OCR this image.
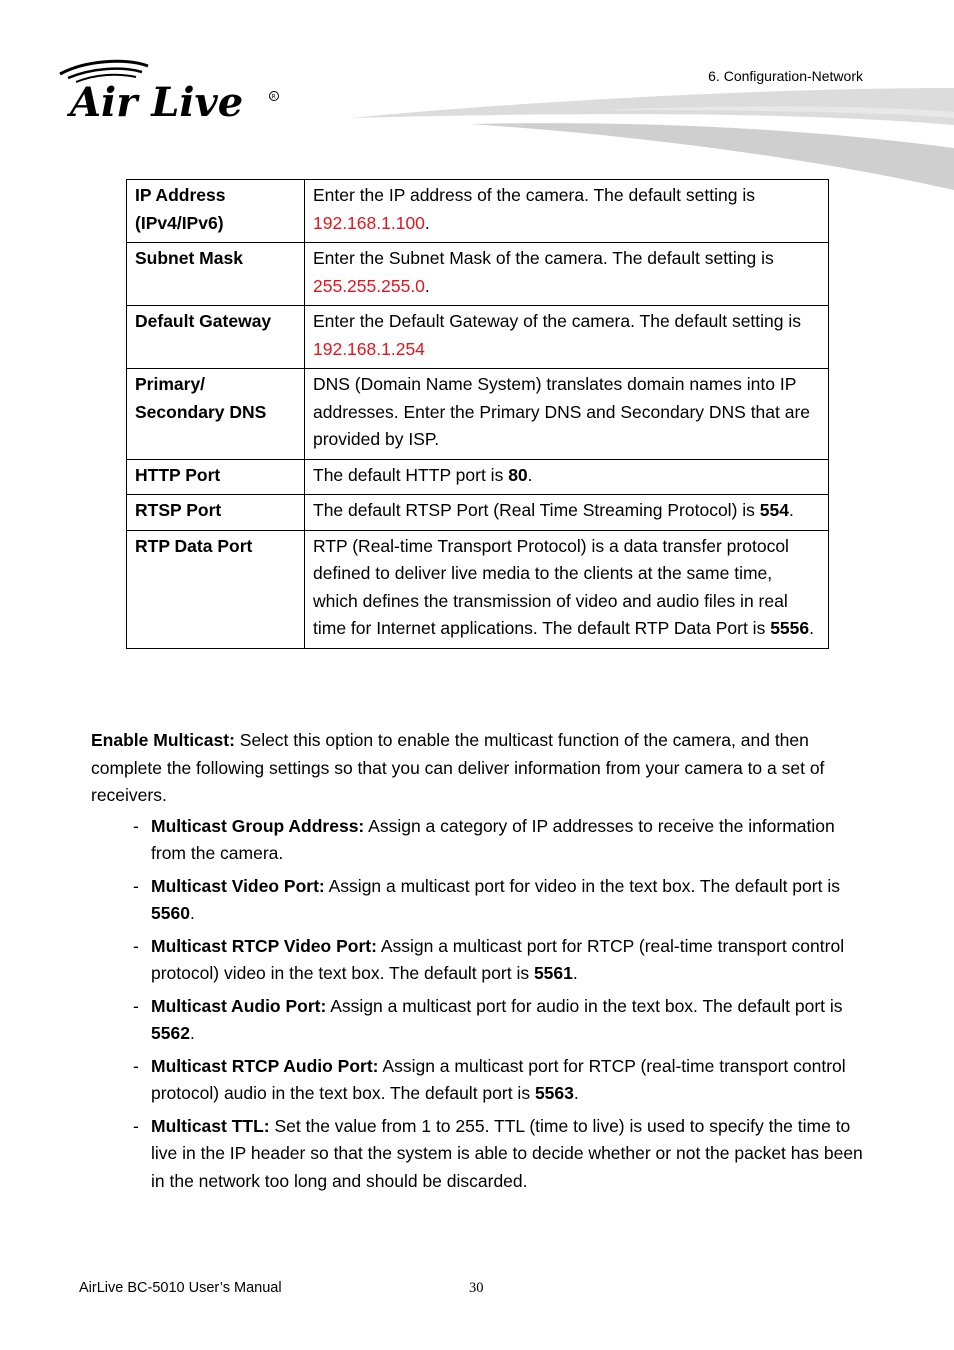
Air Live	R
6. Configuration-Network
IP Address (IPv4/IPv6)	Enter the IP address of the camera. The default setting is 192.168.1.100.
Subnet Mask	Enter the Subnet Mask of the camera. The default setting is 255.255.255.0.
Default Gateway	Enter the Default Gateway of the camera. The default setting is 192.168.1.254
Primary/ Secondary DNS	DNS (Domain Name System) translates domain names into IP addresses. Enter the Primary DNS and Secondary DNS that are provided by ISP.
HTTP Port	The default HTTP port is 80.
RTSP Port	The default RTSP Port (Real Time Streaming Protocol) is 554.
RTP Data Port	RTP (Real-time Transport Protocol) is a data transfer protocol defined to deliver live media to the clients at the same time, which defines the transmission of video and audio files in real time for Internet applications. The default RTP Data Port is 5556.

Enable Multicast: Select this option to enable the multicast function of the camera, and then complete the following settings so that you can deliver information from your camera to a set of receivers.

- Multicast Group Address: Assign a category of IP addresses to receive the information from the camera.
- Multicast Video Port: Assign a multicast port for video in the text box. The default port is 5560.
- Multicast RTCP Video Port: Assign a multicast port for RTCP (real-time transport control protocol) video in the text box. The default port is 5561.
- Multicast Audio Port: Assign a multicast port for audio in the text box. The default port is 5562.
- Multicast RTCP Audio Port: Assign a multicast port for RTCP (real-time transport control protocol) audio in the text box. The default port is 5563.
- Multicast TTL: Set the value from 1 to 255. TTL (time to live) is used to specify the time to live in the IP header so that the system is able to decide whether or not the packet has been in the network too long and should be discarded.
AirLive BC-5010 User’s Manual	30
